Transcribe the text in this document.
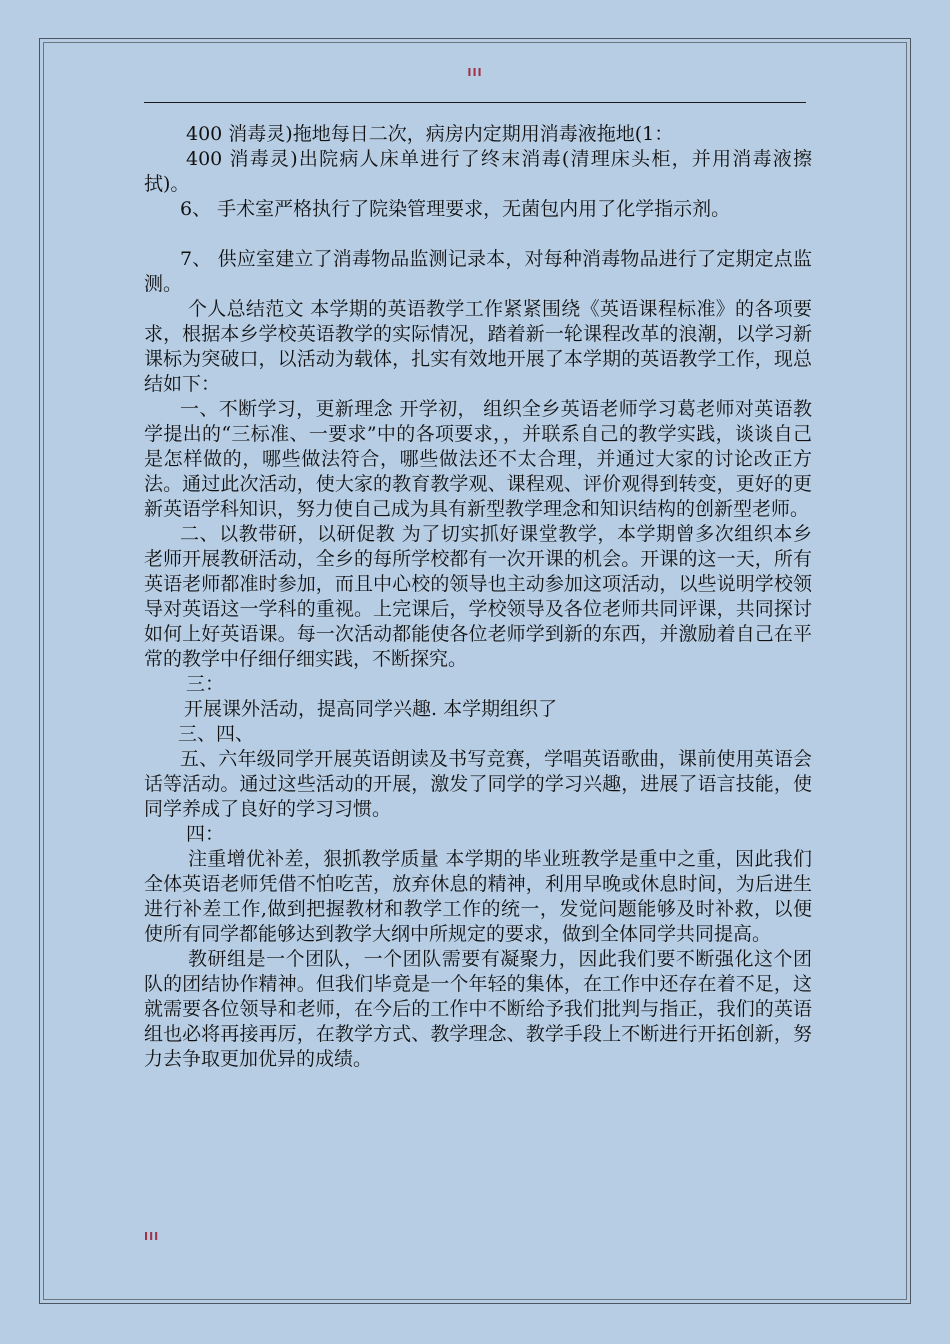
III

400 消毒灵)拖地每日二次，病房内定期用消毒液拖地(1：

400 消毒灵)出院病人床单进行了终末消毒(清理床头柜，并用消毒液擦拭)。

6、 手术室严格执行了院染管理要求，无菌包内用了化学指示剂。

7、 供应室建立了消毒物品监测记录本，对每种消毒物品进行了定期定点监测。

个人总结范文 本学期的英语教学工作紧紧围绕《英语课程标准》的各项要求，根据本乡学校英语教学的实际情况，踏着新一轮课程改革的浪潮，以学习新课标为突破口，以活动为载体，扎实有效地开展了本学期的英语教学工作，现总结如下：

一、不断学习，更新理念 开学初， 组织全乡英语老师学习葛老师对英语教学提出的“三标准、一要求”中的各项要求，，并联系自己的教学实践，谈谈自己是怎样做的，哪些做法符合，哪些做法还不太合理，并通过大家的讨论改正方法。通过此次活动，使大家的教育教学观、课程观、评价观得到转变，更好的更新英语学科知识，努力使自己成为具有新型教学理念和知识结构的创新型老师。

二、以教带研，以研促教 为了切实抓好课堂教学，本学期曾多次组织本乡老师开展教研活动，全乡的每所学校都有一次开课的机会。开课的这一天，所有英语老师都准时参加，而且中心校的领导也主动参加这项活动，以些说明学校领导对英语这一学科的重视。上完课后，学校领导及各位老师共同评课，共同探讨如何上好英语课。每一次活动都能使各位老师学到新的东西，并激励着自己在平常的教学中仔细仔细实践，不断探究。

三：

开展课外活动，提高同学兴趣. 本学期组织了

三、四、

五、六年级同学开展英语朗读及书写竞赛，学唱英语歌曲，课前使用英语会话等活动。通过这些活动的开展，激发了同学的学习兴趣，进展了语言技能，使同学养成了良好的学习习惯。

四：

注重增优补差，狠抓教学质量 本学期的毕业班教学是重中之重，因此我们全体英语老师凭借不怕吃苦，放弃休息的精神，利用早晚或休息时间，为后进生进行补差工作,做到把握教材和教学工作的统一，发觉问题能够及时补救，以便使所有同学都能够达到教学大纲中所规定的要求，做到全体同学共同提高。

教研组是一个团队，一个团队需要有凝聚力，因此我们要不断强化这个团队的团结协作精神。但我们毕竟是一个年轻的集体，在工作中还存在着不足，这就需要各位领导和老师，在今后的工作中不断给予我们批判与指正，我们的英语组也必将再接再厉，在教学方式、教学理念、教学手段上不断进行开拓创新，努力去争取更加优异的成绩。

III
